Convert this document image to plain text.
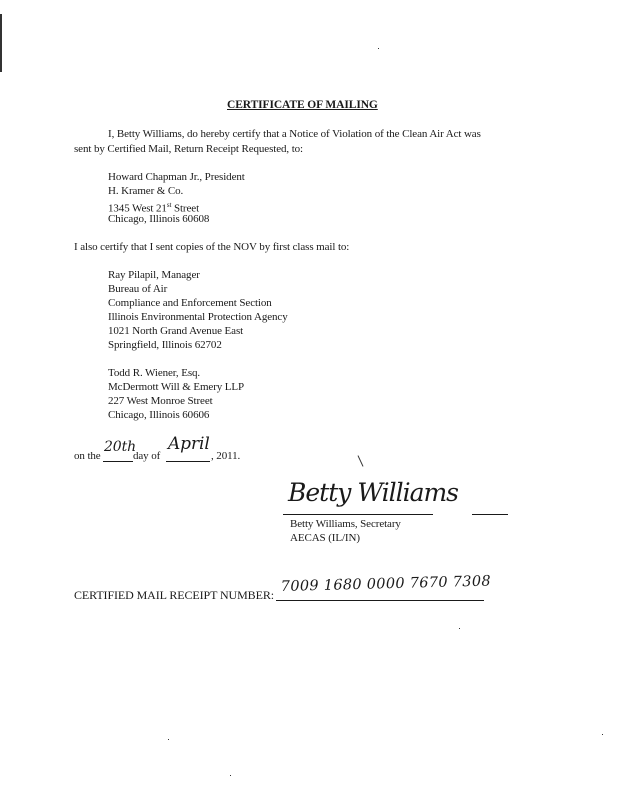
CERTIFICATE OF MAILING
I, Betty Williams, do hereby certify that a Notice of Violation of the Clean Air Act was
sent by Certified Mail, Return Receipt Requested, to:
Howard Chapman Jr., President
H. Kramer & Co.
1345 West 21st Street
Chicago, Illinois 60608
I also certify that I sent copies of the NOV by first class mail to:
Ray Pilapil, Manager
Bureau of Air
Compliance and Enforcement Section
Illinois Environmental Protection Agency
1021 North Grand Avenue East
Springfield, Illinois 62702
Todd R. Wiener, Esq.
McDermott Will & Emery LLP
227 West Monroe Street
Chicago, Illinois 60606
on the
20th
day of
April
, 2011.
Betty Williams
Betty Williams, Secretary
AECAS (IL/IN)
CERTIFIED MAIL RECEIPT NUMBER:
7009 1680 0000 7670 7308
